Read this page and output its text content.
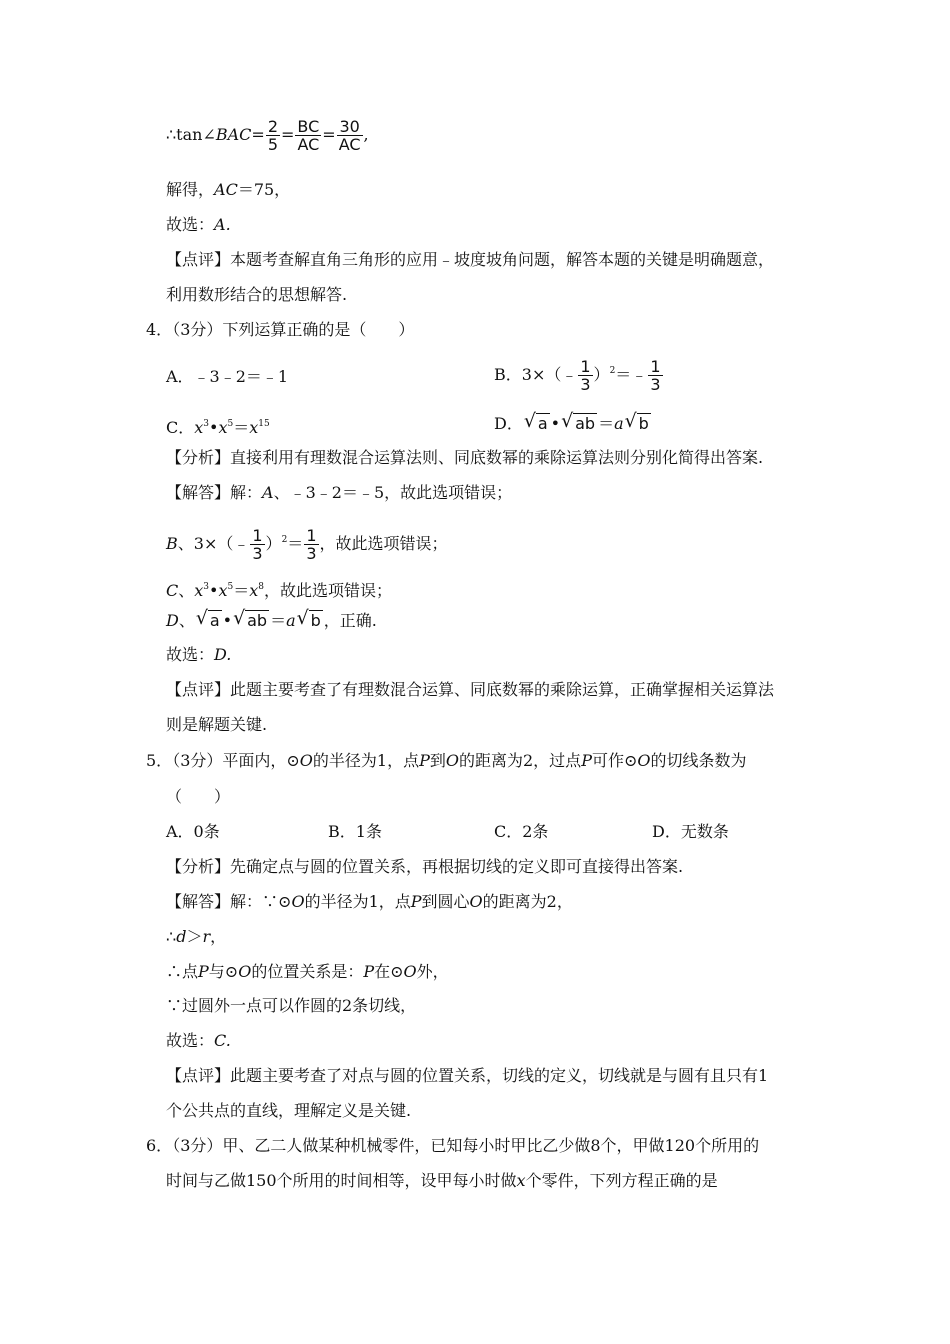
∴tan∠BAC= $\frac{2}{5} = \frac{BC}{AC} = \frac{30}{AC}$ ,
解得，AC＝75，
故选：A.
【点评】本题考查解直角三角形的应用﹣坡度坡角问题，解答本题的关键是明确题意，
利用数形结合的思想解答.
4．（3分）下列运算正确的是（　　）
A．﹣3﹣2＝﹣1	B．3×（﹣ $\frac{1}{3}$ ）$^2$＝﹣ $\frac{1}{3}$
C．$x^3•x^5=x^{15}$	D． √ a • √ ab ＝a √ b
【分析】直接利用有理数混合运算法则、同底数幂的乘除运算法则分别化简得出答案.
【解答】解：A、﹣3﹣2＝﹣5，故此选项错误；
B、3×（﹣ $\frac{1}{3} )^2= \frac{1}{3}$ ，故此选项错误；
C、$x^3•x^5=x^8$，故此选项错误；
D、 √ a • √ ab ＝a √ b ，正确.
故选：D.
【点评】此题主要考查了有理数混合运算、同底数幂的乘除运算，正确掌握相关运算法
则是解题关键.
5．（3分）平面内，⊙O的半径为1，点P到O的距离为2，过点P可作⊙O的切线条数为
（　　）
A．0条	B．1条	C．2条	D．无数条
【分析】先确定点与圆的位置关系，再根据切线的定义即可直接得出答案.
【解答】解：∵⊙O的半径为1，点P到圆心O的距离为2，
∴d＞r，
∴点P与⊙O的位置关系是：P在⊙O外，
∵过圆外一点可以作圆的2条切线，
故选：C.
【点评】此题主要考查了对点与圆的位置关系，切线的定义，切线就是与圆有且只有1
个公共点的直线，理解定义是关键.
6．（3分）甲、乙二人做某种机械零件，已知每小时甲比乙少做8个，甲做120个所用的
时间与乙做150个所用的时间相等，设甲每小时做x个零件，下列方程正确的是
